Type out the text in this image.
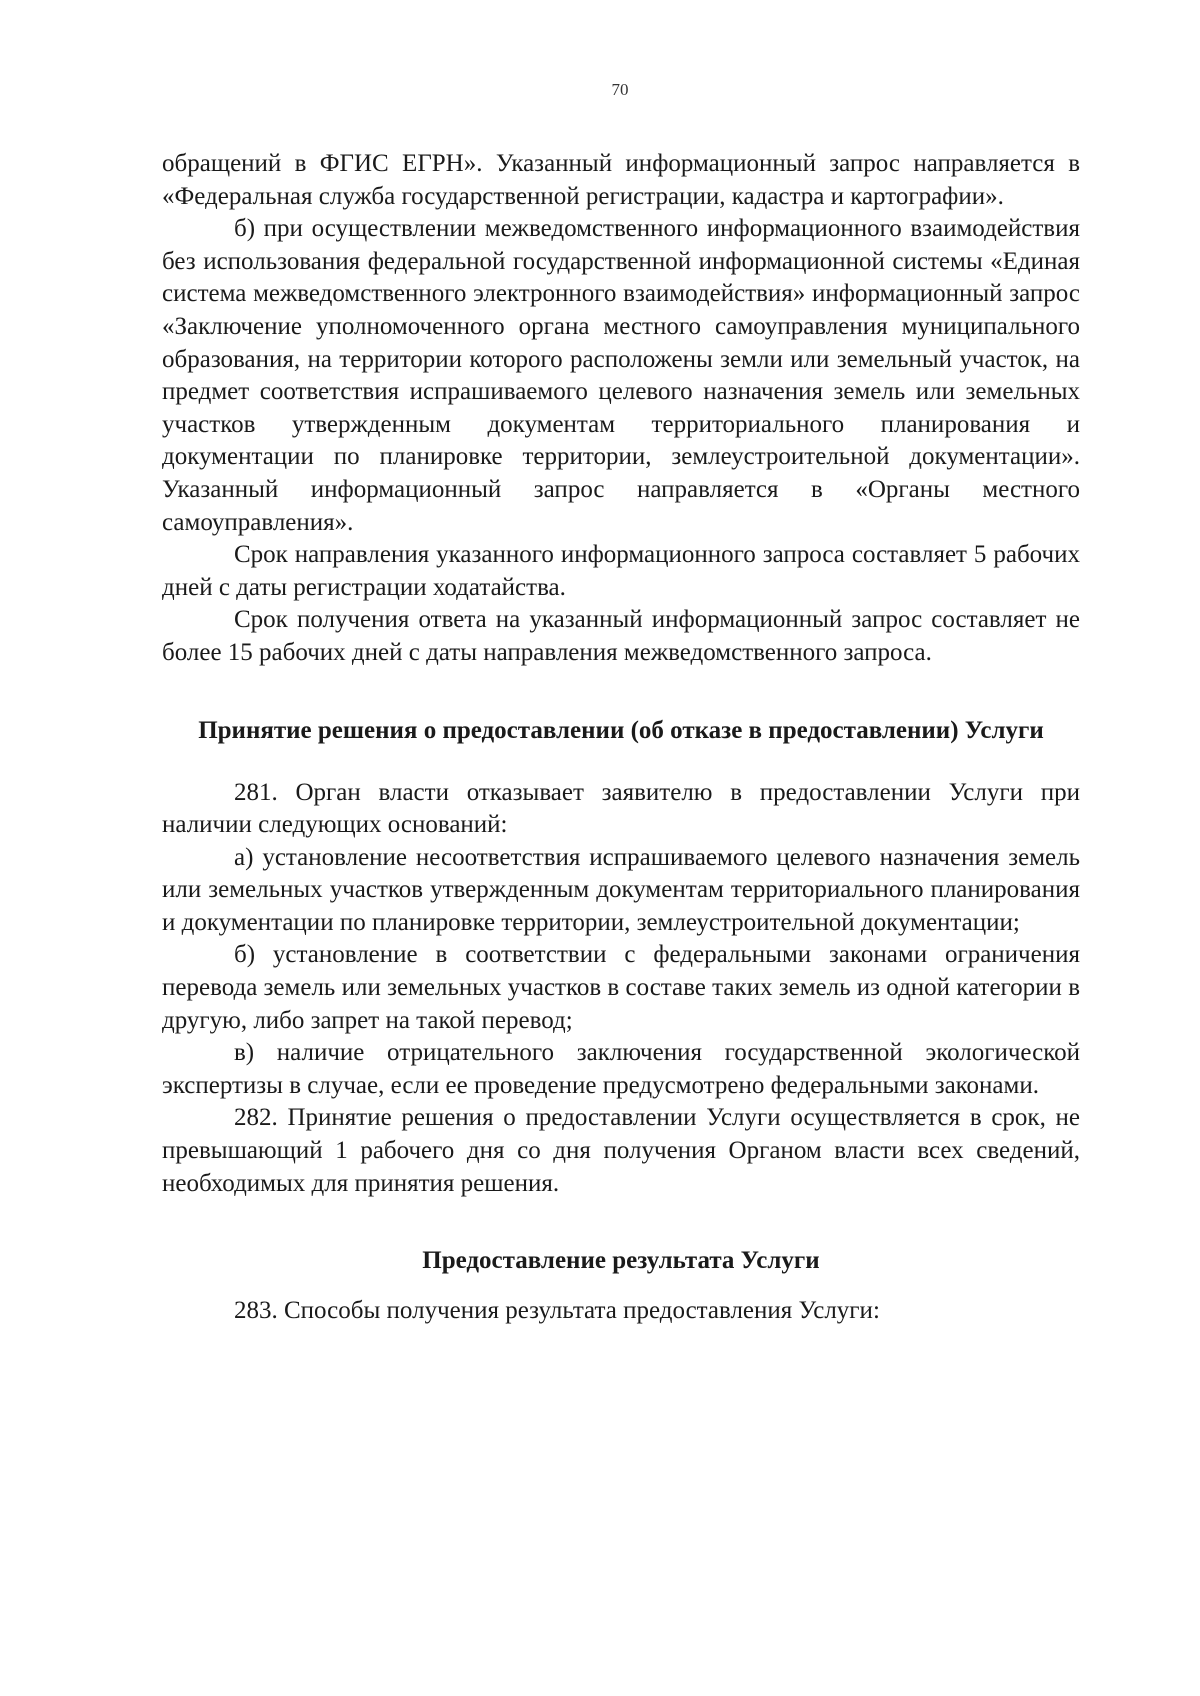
70

обращений в ФГИС ЕГРН». Указанный информационный запрос направляется в «Федеральная служба государственной регистрации, кадастра и картографии».

б) при осуществлении межведомственного информационного взаимодействия без использования федеральной государственной информационной системы «Единая система межведомственного электронного взаимодействия» информационный запрос «Заключение уполномоченного органа местного самоуправления муниципального образования, на территории которого расположены земли или земельный участок, на предмет соответствия испрашиваемого целевого назначения земель или земельных участков утвержденным документам территориального планирования и документации по планировке территории, землеустроительной документации». Указанный информационный запрос направляется в «Органы местного самоуправления».

Срок направления указанного информационного запроса составляет 5 рабочих дней с даты регистрации ходатайства.

Срок получения ответа на указанный информационный запрос составляет не более 15 рабочих дней с даты направления межведомственного запроса.

Принятие решения о предоставлении (об отказе в предоставлении) Услуги

281. Орган власти отказывает заявителю в предоставлении Услуги при наличии следующих оснований:

а) установление несоответствия испрашиваемого целевого назначения земель или земельных участков утвержденным документам территориального планирования и документации по планировке территории, землеустроительной документации;

б) установление в соответствии с федеральными законами ограничения перевода земель или земельных участков в составе таких земель из одной категории в другую, либо запрет на такой перевод;

в) наличие отрицательного заключения государственной экологической экспертизы в случае, если ее проведение предусмотрено федеральными законами.

282. Принятие решения о предоставлении Услуги осуществляется в срок, не превышающий 1 рабочего дня со дня получения Органом власти всех сведений, необходимых для принятия решения.

Предоставление результата Услуги

283. Способы получения результата предоставления Услуги:
